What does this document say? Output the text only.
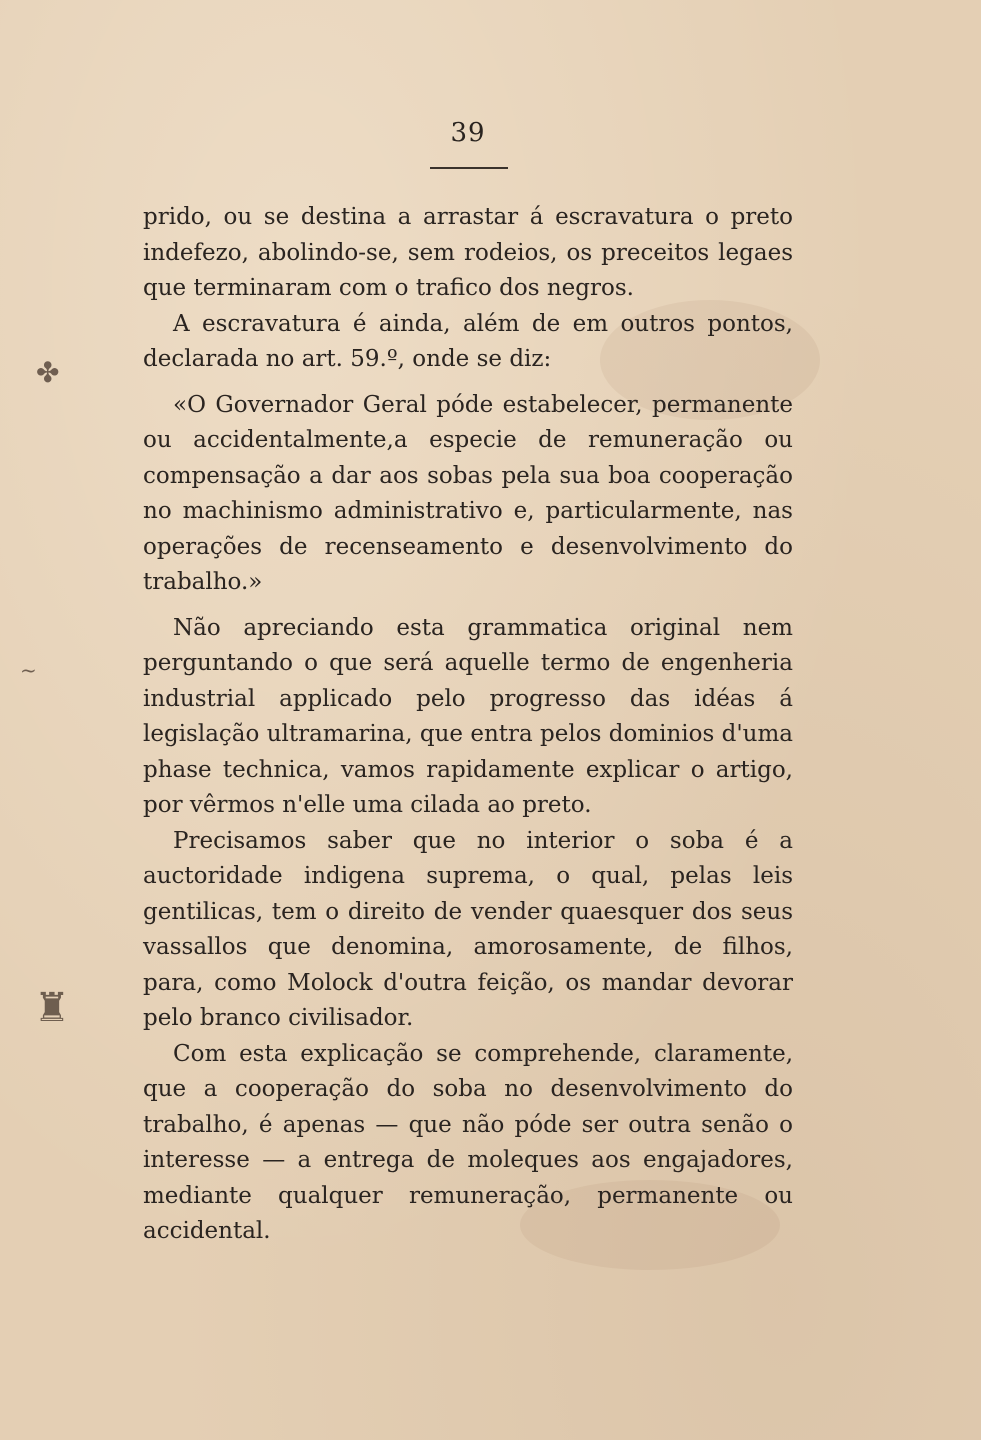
✤
~
♜
39

prido, ou se destina a arrastar á escravatura o preto indefezo, abolindo-se, sem rodeios, os preceitos legaes que terminaram com o trafico dos negros.

A escravatura é ainda, além de em outros pontos, declarada no art. 59.º, onde se diz:

«O Governador Geral póde estabelecer, permanente ou accidentalmente,a especie de remuneração ou compensação a dar aos sobas pela sua boa cooperação no machinismo administrativo e, particularmente, nas operações de recenseamento e desenvolvimento do trabalho.»

Não apreciando esta grammatica original nem perguntando o que será aquelle termo de engenheria industrial applicado pelo progresso das idéas á legislação ultramarina, que entra pelos dominios d'uma phase technica, vamos rapidamente explicar o artigo, por vêrmos n'elle uma cilada ao preto.

Precisamos saber que no interior o soba é a auctoridade indigena suprema, o qual, pelas leis gentilicas, tem o direito de vender quaesquer dos seus vassallos que denomina, amorosamente, de filhos, para, como Molock d'outra feição, os mandar devorar pelo branco civilisador.

Com esta explicação se comprehende, claramente, que a cooperação do soba no desenvolvimento do trabalho, é apenas — que não póde ser outra senão o interesse — a entrega de moleques aos engajadores, mediante qualquer remuneração, permanente ou accidental.
